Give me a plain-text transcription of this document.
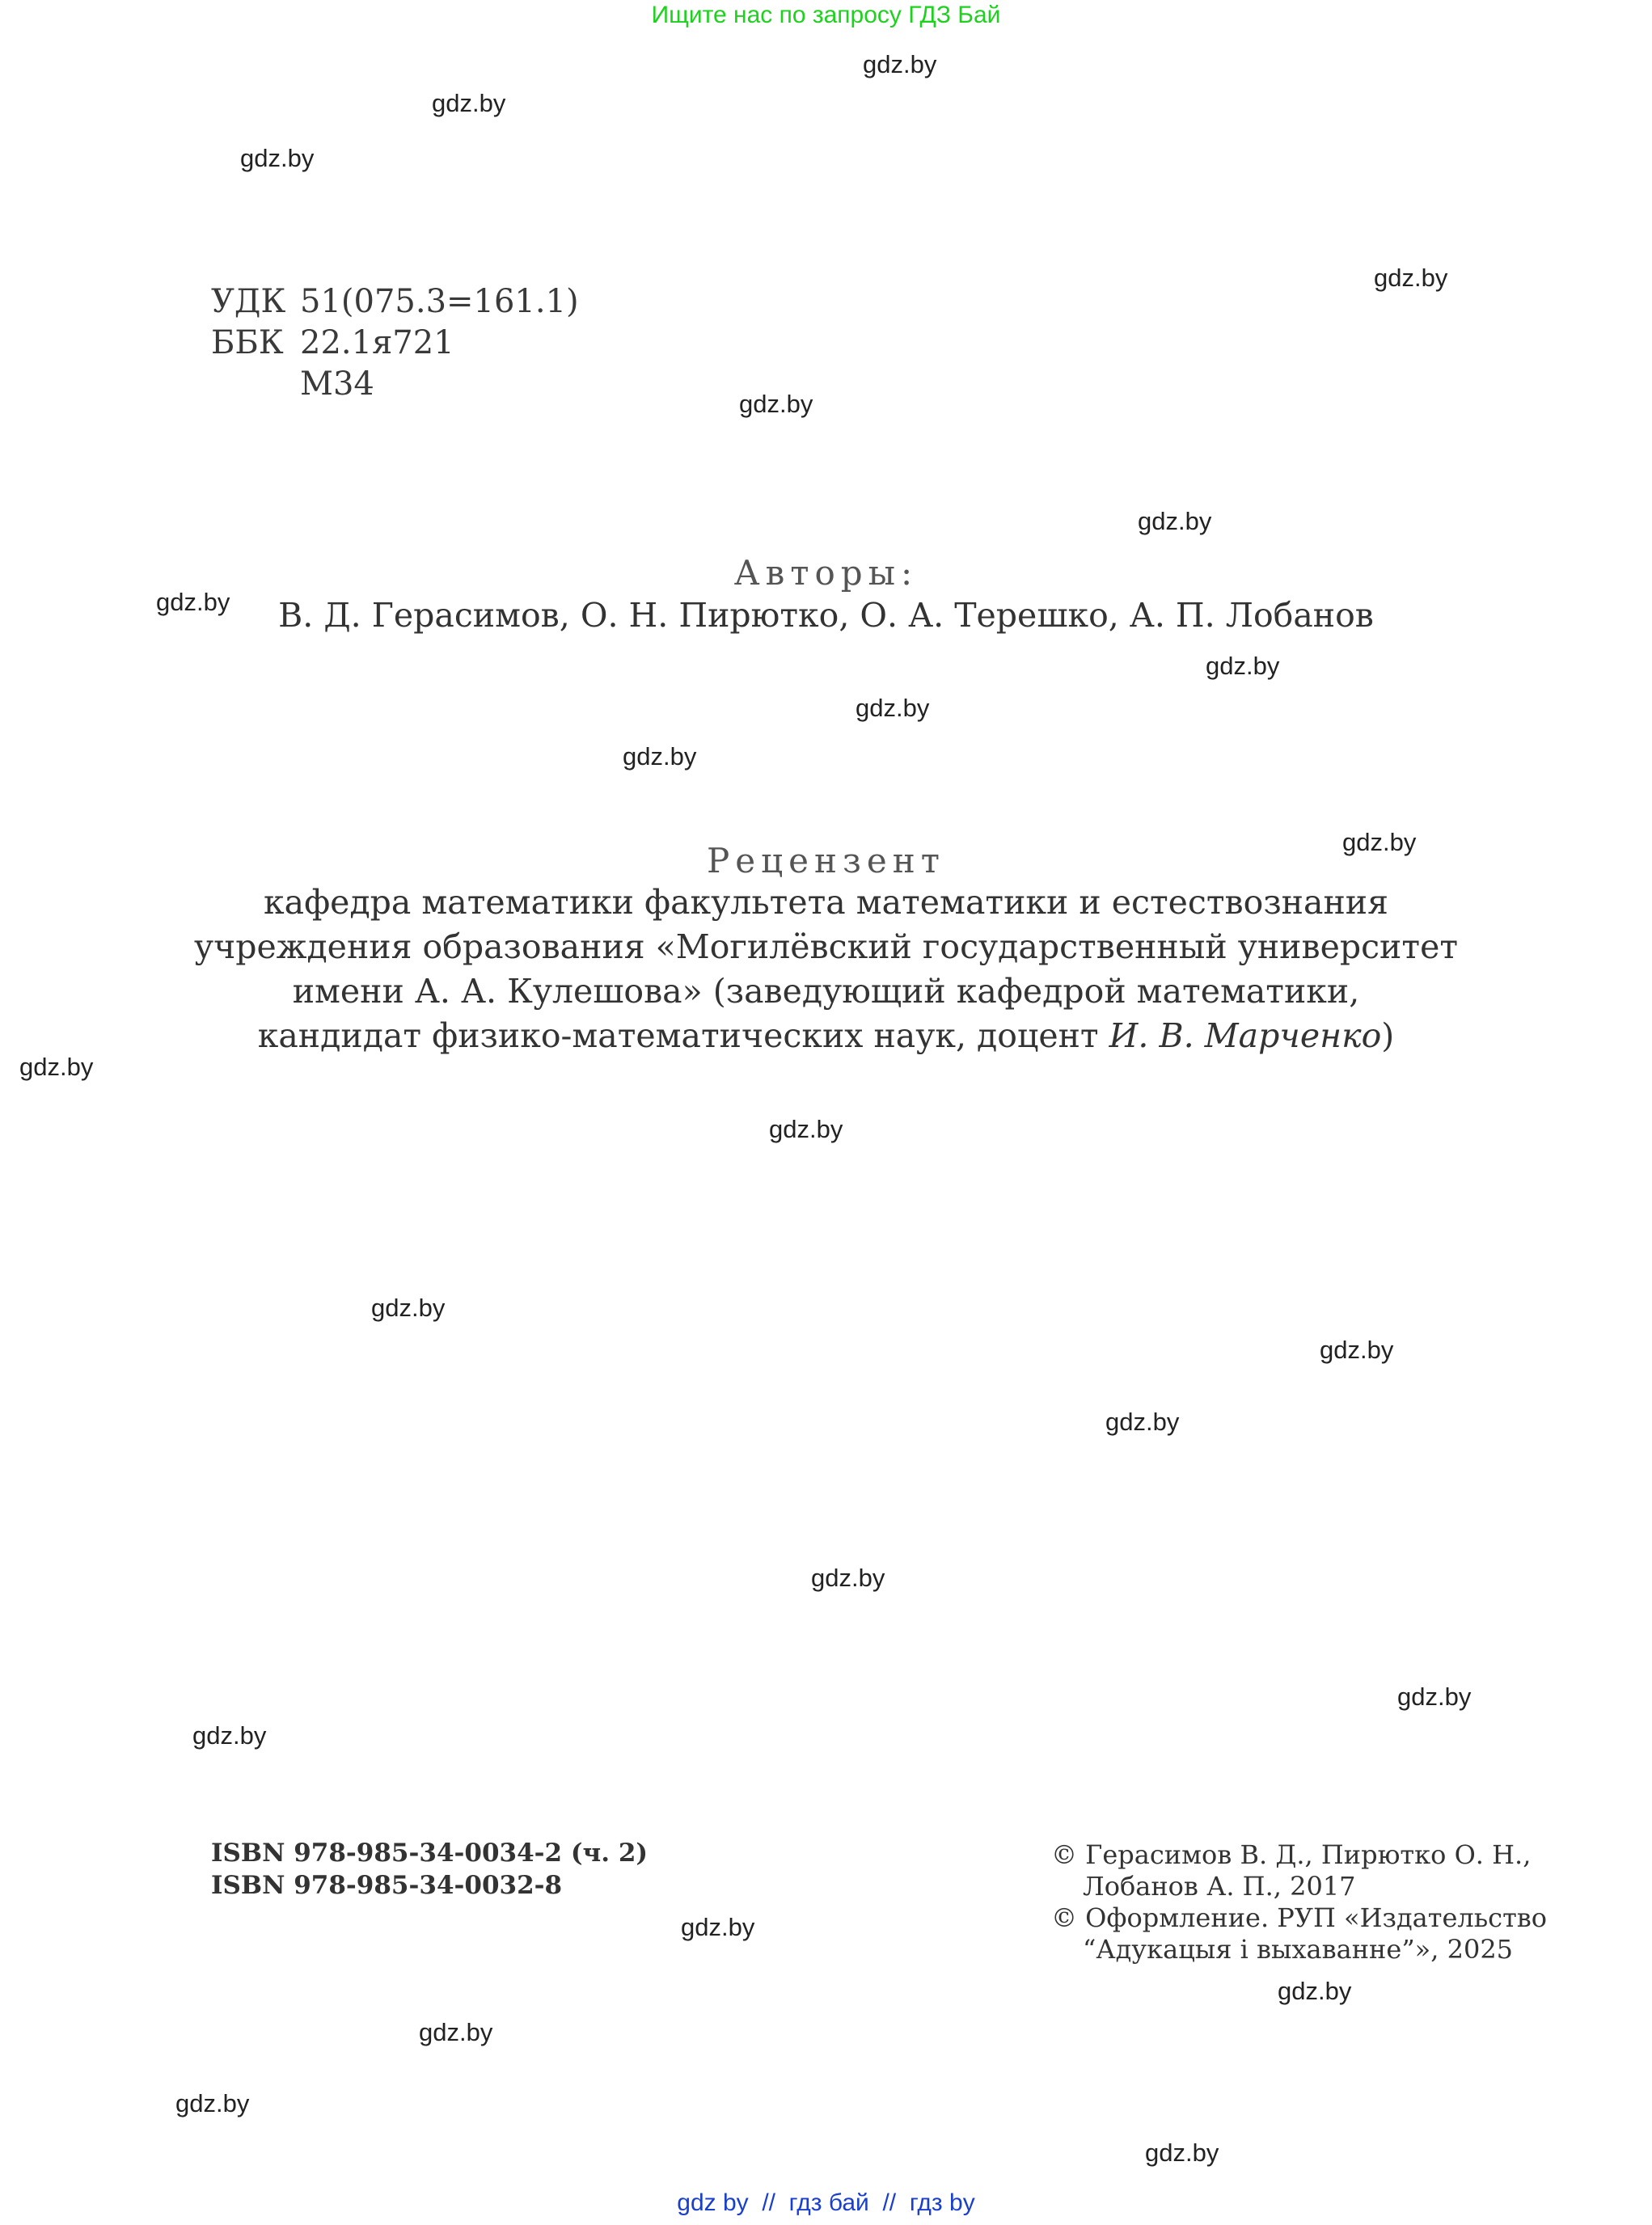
Ищите нас по запросу ГДЗ Бай
gdz.by
gdz.by
gdz.by
gdz.by
gdz.by
gdz.by
gdz.by
gdz.by
gdz.by
gdz.by
gdz.by
gdz.by
gdz.by
gdz.by
gdz.by
gdz.by
gdz.by
gdz.by
gdz.by
gdz.by
gdz.by
gdz.by
gdz.by
gdz.by
УДК 51(075.3=161.1)
ББК 22.1я721
М34
Авторы:
В. Д. Герасимов, О. Н. Пирютко, О. А. Терешко, А. П. Лобанов
Рецензент
кафедра математики факультета математики и естествознания
учреждения образования «Могилёвский государственный университет
имени А. А. Кулешова» (заведующий кафедрой математики,
кандидат физико-математических наук, доцент И. В. Марченко)
ISBN 978-985-34-0034-2 (ч. 2)
ISBN 978-985-34-0032-8
© Герасимов В. Д., Пирютко О. Н.,
Лобанов А. П., 2017
© Оформление. РУП «Издательство
“Адукацыя і выхаванне”», 2025
gdz by  //  гдз бай  //  гдз by
